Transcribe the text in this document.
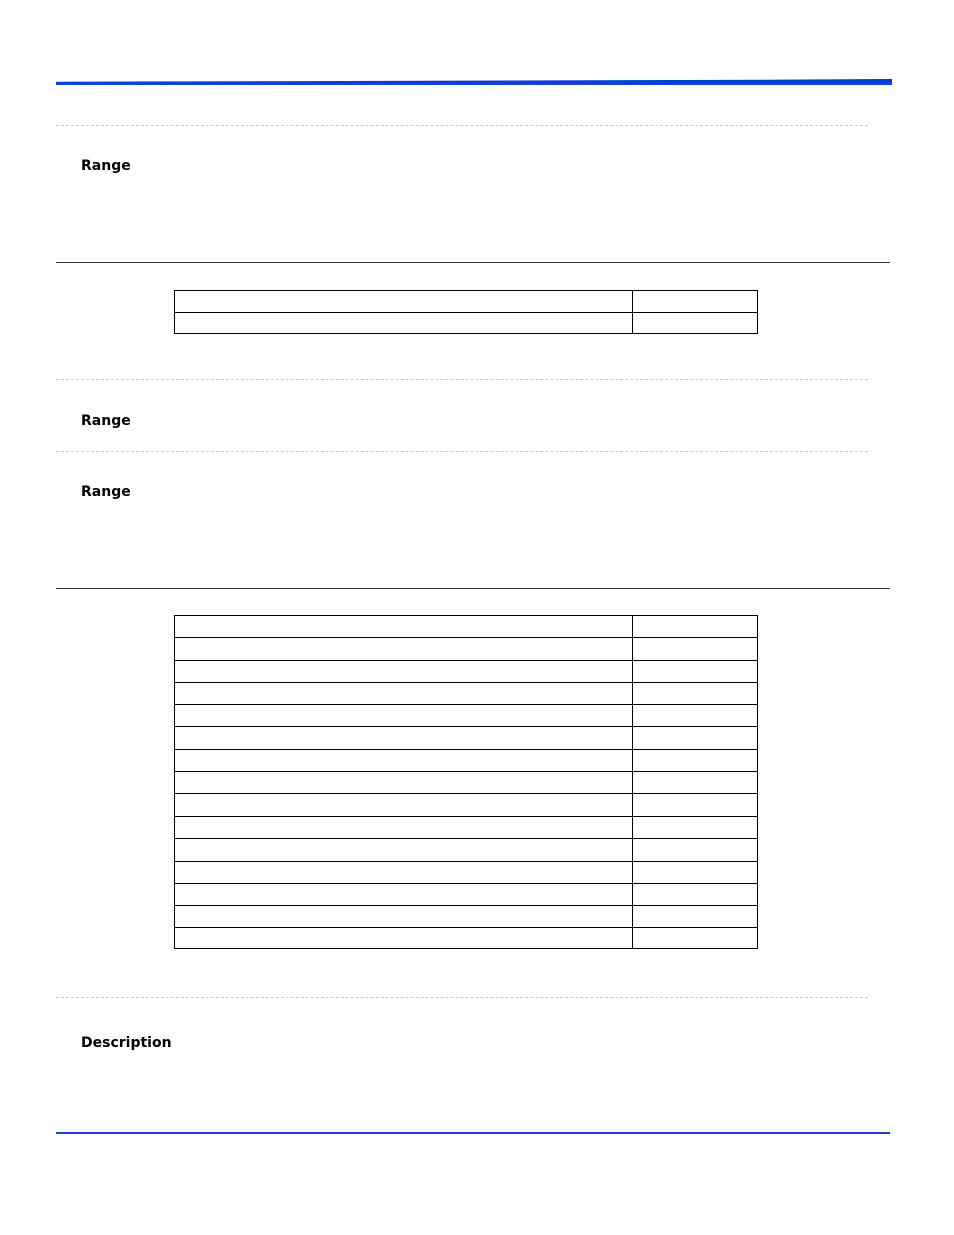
Range

Range
Range

Description
